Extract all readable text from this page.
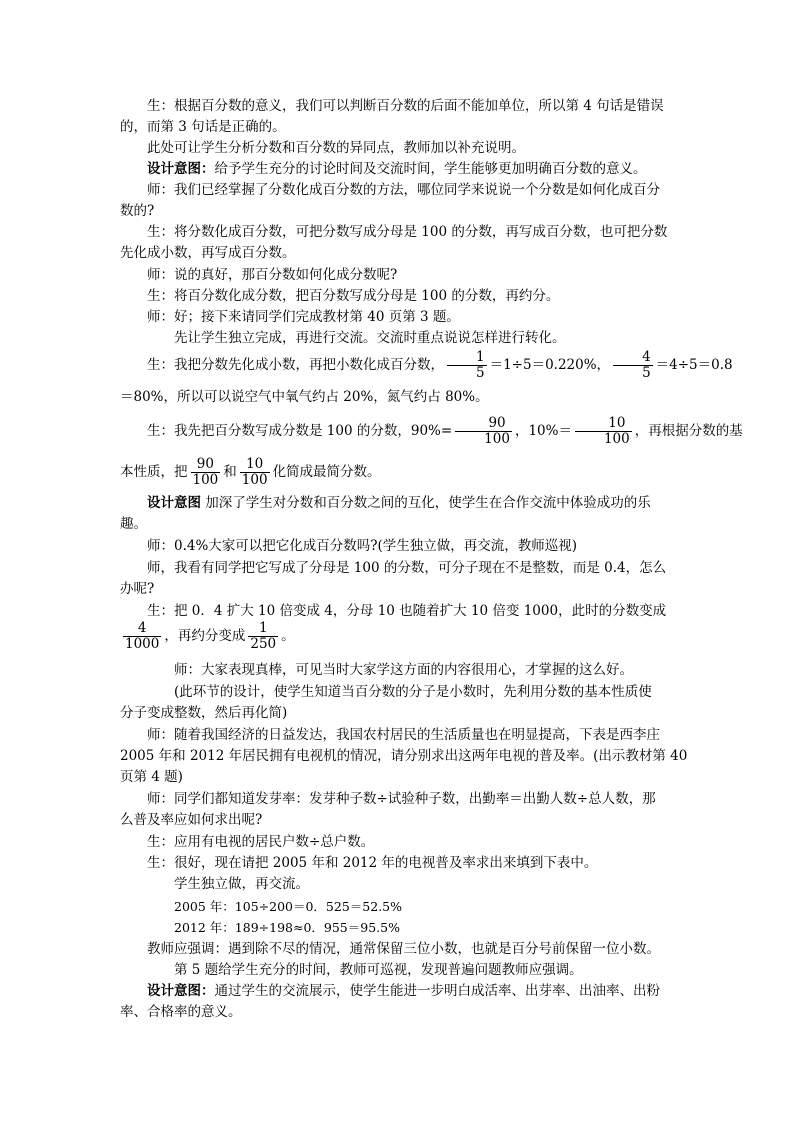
生：根据百分数的意义，我们可以判断百分数的后面不能加单位，所以第 4 句话是错误

的，而第 3 句话是正确的。

此处可让学生分析分数和百分数的异同点，教师加以补充说明。

设计意图：给予学生充分的讨论时间及交流时间，学生能够更加明确百分数的意义。

师：我们已经掌握了分数化成百分数的方法，哪位同学来说说一个分数是如何化成百分

数的?

生：将分数化成百分数，可把分数写成分母是 100 的分数，再写成百分数，也可把分数

先化成小数，再写成百分数。

师：说的真好，那百分数如何化成分数呢?

生：将百分数化成分数，把百分数写成分母是 100 的分数，再约分。

师：好；接下来请同学们完成教材第 40 页第 3 题。

先让学生独立完成，再进行交流。交流时重点说说怎样进行转化。

生：我把分数先化成小数，再把小数化成百分数， $\frac{1}{5} =1\div 5=0.220\%$， $\frac{4}{5} =4\div 5=0.8$

＝80%，所以可以说空气中氧气约占 20%，氮气约占 80%。

生：我先把百分数写成分数是 100 的分数，$90\%= \frac{90}{100}$ ，$10\%= \frac{10}{100}$ ，再根据分数的基

本性质，把 $\frac{90}{100}$ 和 $\frac{10}{100}$ 化简成最简分数。

设计意图 加深了学生对分数和百分数之间的互化，使学生在合作交流中体验成功的乐

趣。

师：0.4%大家可以把它化成百分数吗?(学生独立做，再交流，教师巡视)

师，我看有同学把它写成了分母是 100 的分数，可分子现在不是整数，而是 0.4，怎么

办呢?

生：把 0．4 扩大 10 倍变成 4，分母 10 也随着扩大 10 倍变 1000，此时的分数变成

$\frac{4}{1000}$ ，再约分变成 $\frac{1}{250}$ 。

师：大家表现真棒，可见当时大家学这方面的内容很用心，才掌握的这么好。

(此环节的设计，使学生知道当百分数的分子是小数时，先利用分数的基本性质使

分子变成整数，然后再化简)

师：随着我国经济的日益发达，我国农村居民的生活质量也在明显提高，下表是西李庄

2005 年和 2012 年居民拥有电视机的情况，请分别求出这两年电视的普及率。(出示教材第 40

页第 4 题)

师：同学们都知道发芽率：发芽种子数÷试验种子数，出勤率＝出勤人数÷总人数，那

么普及率应如何求出呢?

生：应用有电视的居民户数÷总户数。

生：很好，现在请把 2005 年和 2012 年的电视普及率求出来填到下表中。

学生独立做，再交流。

2005 年：105÷200＝0．525＝52.5%

2012 年：189÷198≈0．955＝95.5%

教师应强调：遇到除不尽的情况，通常保留三位小数，也就是百分号前保留一位小数。

第 5 题给学生充分的时间，教师可巡视，发现普遍问题教师应强调。

设计意图：通过学生的交流展示，使学生能进一步明白成活率、出芽率、出油率、出粉

率、合格率的意义。
